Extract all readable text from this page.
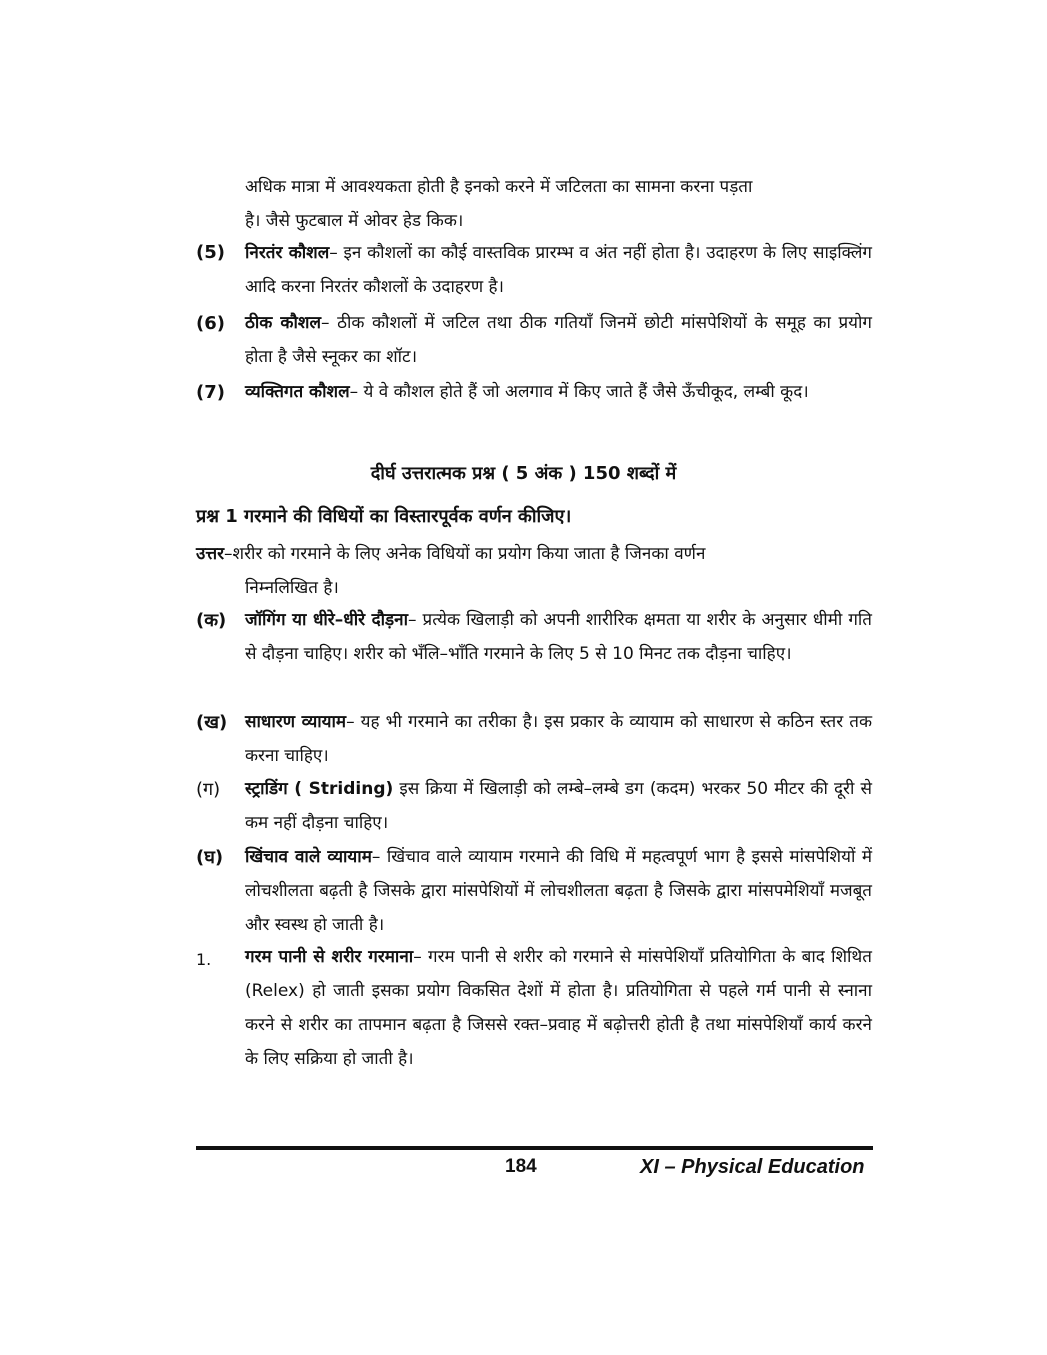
अधिक मात्रा में आवश्यकता होती है इनको करने में जटिलता का सामना करना पड़ता
है। जैसे फुटबाल में ओवर हेड किक।
(5) निरतंर कौशल– इन कौशलों का कौई वास्तविक प्रारम्भ व अंत नहीं होता है। उदाहरण के लिए साइक्लिंग आदि करना निरतंर कौशलों के उदाहरण है।
(6) ठीक कौशल– ठीक कौशलों में जटिल तथा ठीक गतियाँ जिनमें छोटी मांसपेशियों के समूह का प्रयोग होता है जैसे स्नूकर का शॉट।
(7) व्यक्तिगत कौशल– ये वे कौशल होते हैं जो अलगाव में किए जाते हैं जैसे ऊँचीकूद, लम्बी कूद।
दीर्घ उत्तरात्मक प्रश्न ( 5 अंक ) 150 शब्दों में
प्रश्न 1 गरमाने की विधियों का विस्तारपूर्वक वर्णन कीजिए।
उत्तर–शरीर को गरमाने के लिए अनेक विधियों का प्रयोग किया जाता है जिनका वर्णन
निम्नलिखित है।
(क) जॉगिंग या धीरे–धीरे दौड़ना– प्रत्येक खिलाड़ी को अपनी शारीरिक क्षमता या शरीर के अनुसार धीमी गति से दौड़ना चाहिए। शरीर को भँलि–भाँति गरमाने के लिए 5 से 10 मिनट तक दौड़ना चाहिए।
(ख) साधारण व्यायाम– यह भी गरमाने का तरीका है। इस प्रकार के व्यायाम को साधारण से कठिन स्तर तक करना चाहिए।
(ग) स्ट्राडिंग ( Striding) इस क्रिया में खिलाड़ी को लम्बे–लम्बे डग (कदम) भरकर 50 मीटर की दूरी से कम नहीं दौड़ना चाहिए।
(घ) खिंचाव वाले व्यायाम– खिंचाव वाले व्यायाम गरमाने की विधि में महत्वपूर्ण भाग है इससे मांसपेशियों में लोचशीलता बढ़ती है जिसके द्वारा मांसपेशियों में लोचशीलता बढ़ता है जिसके द्वारा मांसपमेशियाँ मजबूत और स्वस्थ हो जाती है।
1. गरम पानी से शरीर गरमाना– गरम पानी से शरीर को गरमाने से मांसपेशियाँ प्रतियोगिता के बाद शिथित (Relex) हो जाती इसका प्रयोग विकसित देशों में होता है। प्रतियोगिता से पहले गर्म पानी से स्नाना करने से शरीर का तापमान बढ़ता है जिससे रक्त–प्रवाह में बढ़ोत्तरी होती है तथा मांसपेशियाँ कार्य करने के लिए सक्रिया हो जाती है।
184	XI – Physical Education
